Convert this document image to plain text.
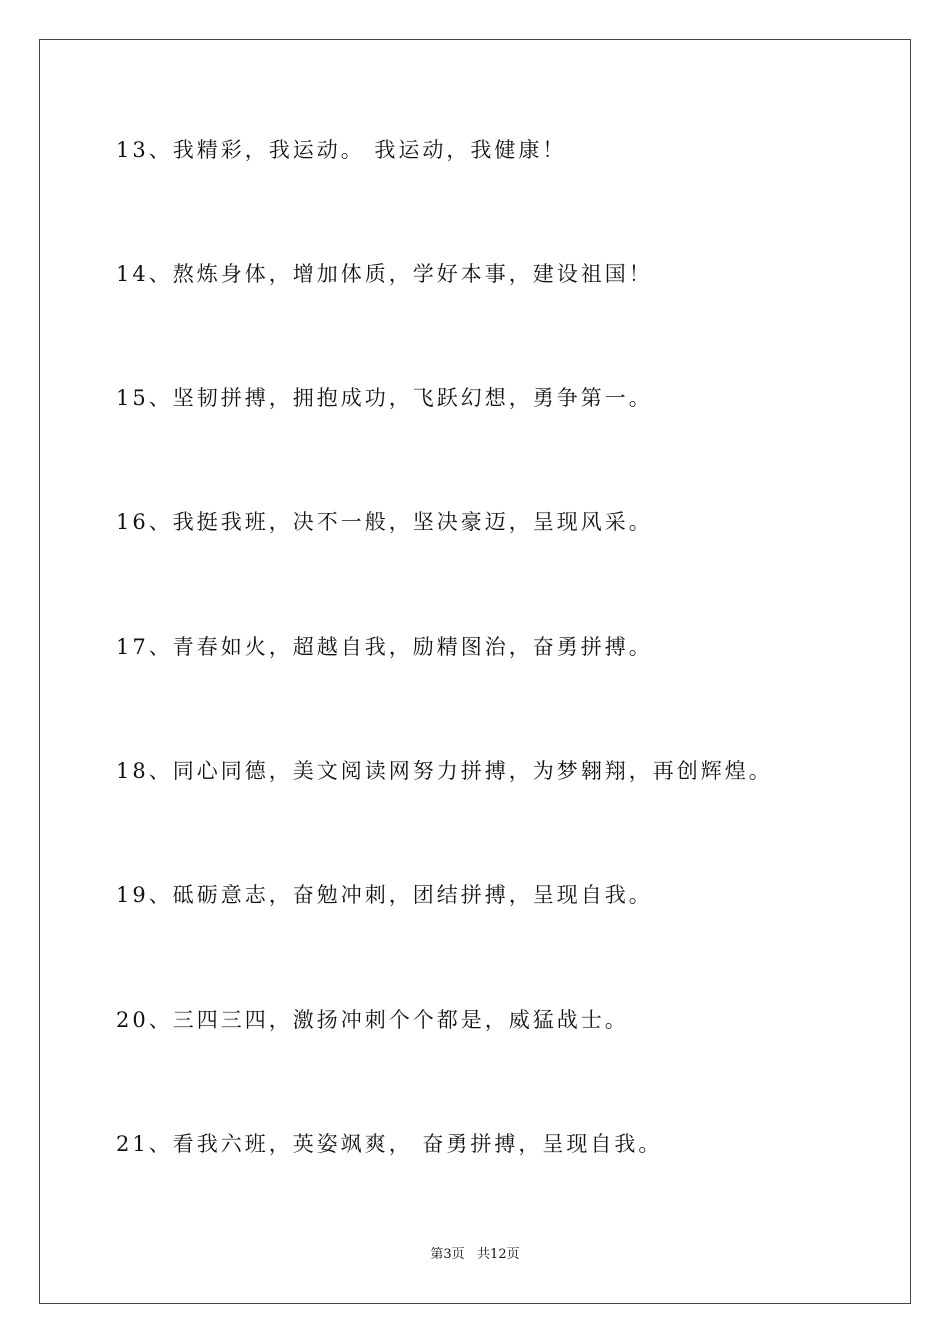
13、我精彩，我运动。 我运动，我健康！
14、熬炼身体，增加体质，学好本事，建设祖国！
15、坚韧拼搏，拥抱成功，飞跃幻想，勇争第一。
16、我挺我班，决不一般，坚决豪迈，呈现风采。
17、青春如火，超越自我，励精图治，奋勇拼搏。
18、同心同德，美文阅读网努力拼搏，为梦翱翔，再创辉煌。
19、砥砺意志，奋勉冲刺，团结拼搏，呈现自我。
20、三四三四，激扬冲刺个个都是，威猛战士。
21、看我六班，英姿飒爽， 奋勇拼搏，呈现自我。
第3页   共12页
